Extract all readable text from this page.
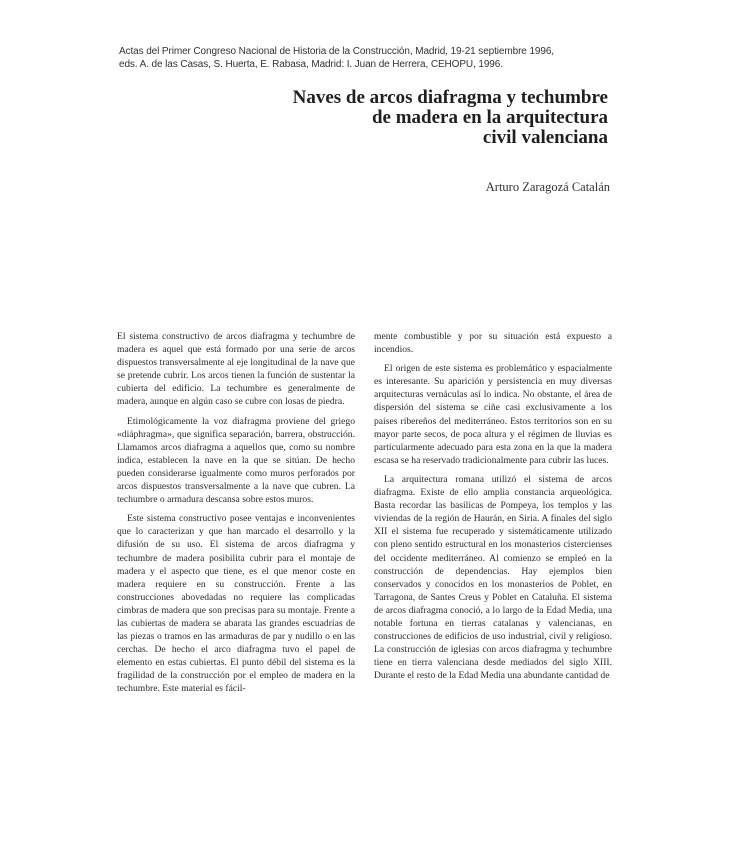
Actas del Primer Congreso Nacional de Historia de la Construcción, Madrid, 19-21 septiembre 1996,
eds. A. de las Casas, S. Huerta, E. Rabasa, Madrid: I. Juan de Herrera, CEHOPU, 1996.
Naves de arcos diafragma y techumbre
de madera en la arquitectura
civil valenciana
Arturo Zaragozá Catalán

El sistema constructivo de arcos diafragma y techumbre de madera es aquel que está formado por una serie de arcos dispuestos transversalmente al eje longitudinal de la nave que se pretende cubrir. Los arcos tienen la función de sustentar la cubierta del edificio. La techumbre es generalmente de madera, aunque en algún caso se cubre con losas de piedra.

Etimológicamente la voz diafragma proviene del griego «diáphragma», que significa separación, barrera, obstrucción. Llamamos arcos diafragma a aquellos que, como su nombre indica, establecen la nave en la que se sitúan. De hecho pueden considerarse igualmente como muros perforados por arcos dispuestos transversalmente a la nave que cubren. La techumbre o armadura descansa sobre estos muros.

Este sistema constructivo posee ventajas e inconvenientes que lo caracterizan y que han marcado el desarrollo y la difusión de su uso. El sistema de arcos diafragma y techumbre de madera posibilita cubrir para el montaje de madera y el aspecto que tiene, es el que menor coste en madera requiere en su construcción. Frente a las construcciones abovedadas no requiere las complicadas cimbras de madera que son precisas para su montaje. Frente a las cubiertas de madera se abarata las grandes escuadrías de las piezas o tramos en las armaduras de par y nudillo o en las cerchas. De hecho el arco diafragma tuvo el papel de elemento en estas cubiertas. El punto débil del sistema es la fragilidad de la construcción por el empleo de madera en la techumbre. Este material es fácil-

mente combustible y por su situación está expuesto a incendios.

El origen de este sistema es problemático y espacialmente es interesante. Su aparición y persistencia en muy diversas arquitecturas vernáculas así lo indica. No obstante, el área de dispersión del sistema se ciñe casi exclusivamente a los países ribereños del mediterráneo. Estos territorios son en su mayor parte secos, de poca altura y el régimen de lluvias es particularmente adecuado para esta zona en la que la madera escasa se ha reservado tradicionalmente para cubrir las luces.

La arquitectura romana utilizó el sistema de arcos diafragma. Existe de ello amplia constancia arqueológica. Basta recordar las basílicas de Pompeya, los templos y las viviendas de la región de Haurán, en Siria. A finales del siglo XII el sistema fue recuperado y sistemáticamente utilizado con pleno sentido estructural en los monasterios cistercienses del occidente mediterráneo. Al comienzo se empleó en la construcción de dependencias. Hay ejemplos bien conservados y conocidos en los monasterios de Poblet, en Tarragona, de Santes Creus y Poblet en Cataluña. El sistema de arcos diafragma conoció, a lo largo de la Edad Media, una notable fortuna en tierras catalanas y valencianas, en construcciones de edificios de uso industrial, civil y religioso. La construcción de iglesias con arcos diafragma y techumbre tiene en tierra valenciana desde mediados del siglo XIII. Durante el resto de la Edad Media una abundante cantidad de
